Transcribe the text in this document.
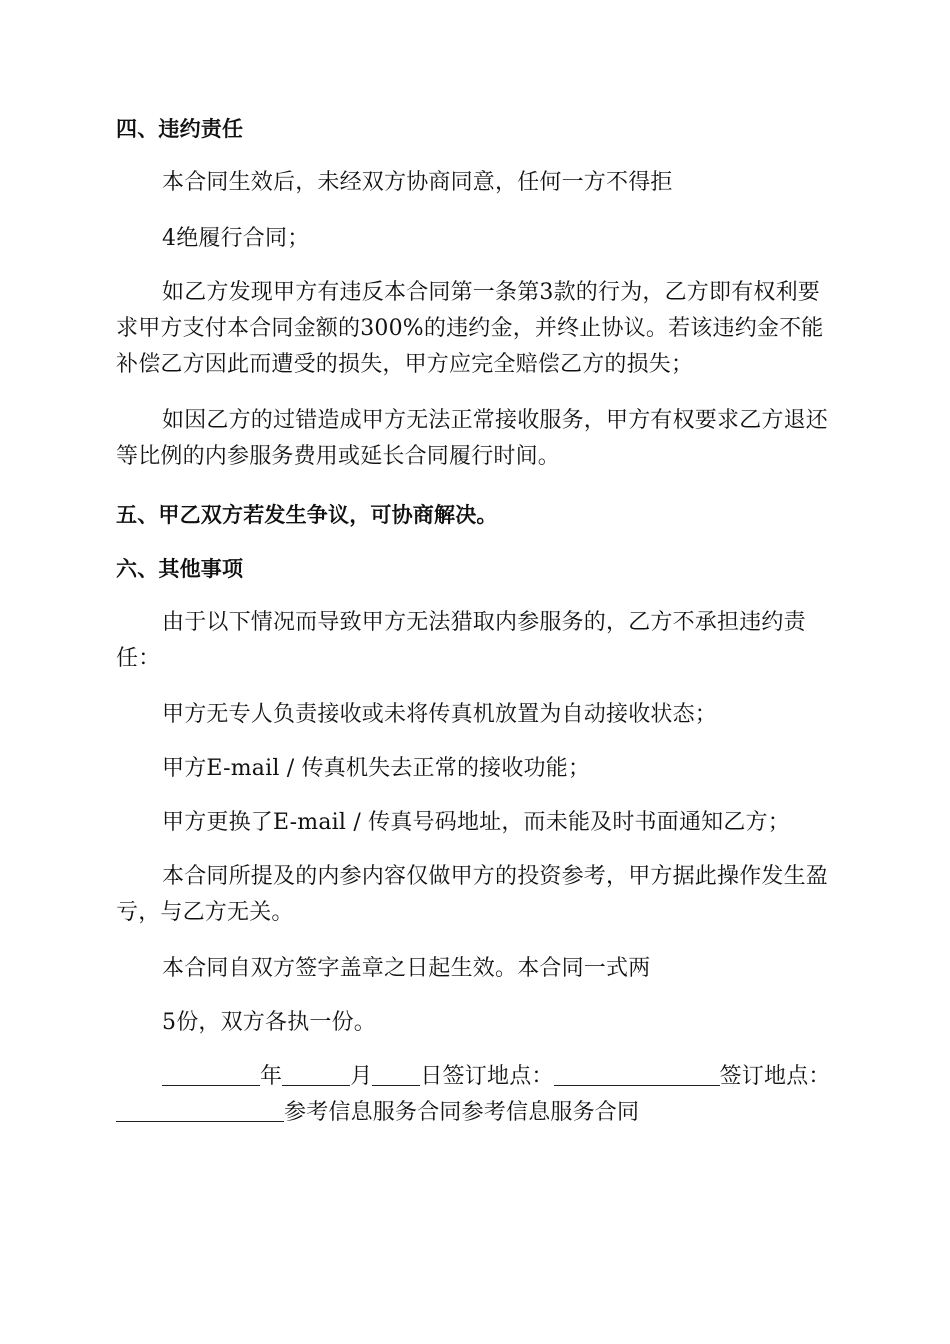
四、违约责任
本合同生效后，未经双方协商同意，任何一方不得拒
4绝履行合同；
如乙方发现甲方有违反本合同第一条第3款的行为，乙方即有权利要
求甲方支付本合同金额的300%的违约金，并终止协议。若该违约金不能
补偿乙方因此而遭受的损失，甲方应完全赔偿乙方的损失；
如因乙方的过错造成甲方无法正常接收服务，甲方有权要求乙方退还
等比例的内参服务费用或延长合同履行时间。
五、甲乙双方若发生争议，可协商解决。
六、其他事项
由于以下情况而导致甲方无法猎取内参服务的，乙方不承担违约责
任：
甲方无专人负责接收或未将传真机放置为自动接收状态；
甲方E-mail / 传真机失去正常的接收功能；
甲方更换了E-mail / 传真号码地址，而未能及时书面通知乙方；
本合同所提及的内参内容仅做甲方的投资参考，甲方据此操作发生盈
亏，与乙方无关。
本合同自双方签字盖章之日起生效。本合同一式两
5份，双方各执一份。
年	月 日签订地点：	签订地点：
参考信息服务合同参考信息服务合同
